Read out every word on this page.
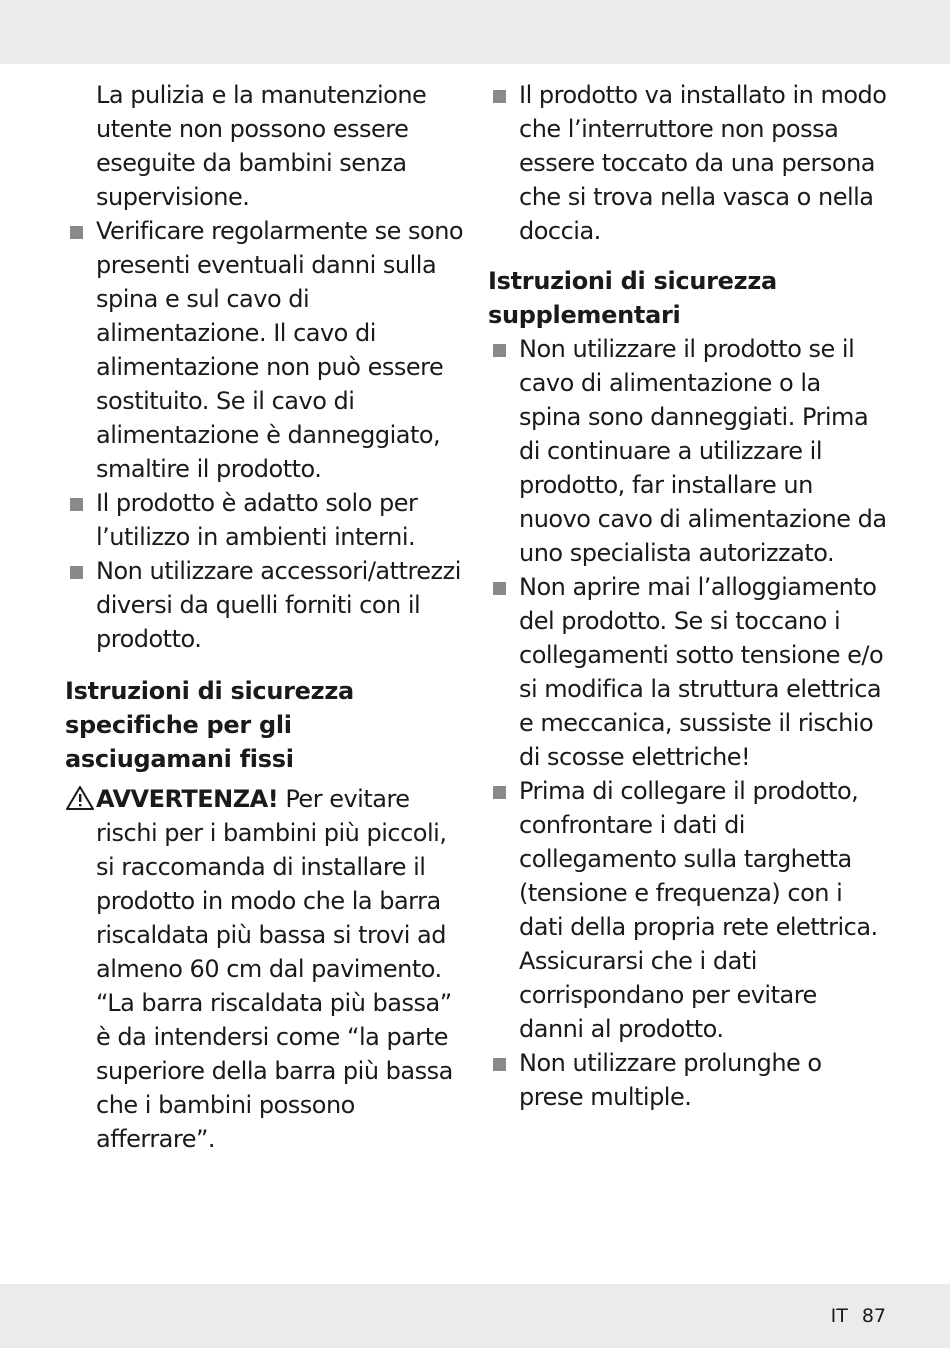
La pulizia e la manutenzione utente non possono essere eseguite da bambini senza supervisione.

Verificare regolarmente se sono presenti eventuali danni sulla spina e sul cavo di alimentazione. Il cavo di alimentazione non può essere sostituito. Se il cavo di alimentazione è danneggiato, smaltire il prodotto.
Il prodotto è adatto solo per l’utilizzo in ambienti interni.
Non utilizzare accessori/attrezzi diversi da quelli forniti con il prodotto.
Istruzioni di sicurezza specifiche per gli asciugamani fissi
AVVERTENZA! Per evitare rischi per i bambini più piccoli, si raccomanda di installare il prodotto in modo che la barra riscaldata più bassa si trovi ad almeno 60 cm dal pavimento. “La barra riscaldata più bassa” è da intendersi come “la parte superiore della barra più bassa che i bambini possono afferrare”.
Il prodotto va installato in modo che l’interruttore non possa essere toccato da una persona che si trova nella vasca o nella doccia.
Istruzioni di sicurezza supplementari
Non utilizzare il prodotto se il cavo di alimentazione o la spina sono danneggiati. Prima di continuare a utilizzare il prodotto, far installare un nuovo cavo di alimentazione da uno specialista autorizzato.
Non aprire mai l’alloggiamento del prodotto. Se si toccano i collegamenti sotto tensione e/o si modifica la struttura elettrica e meccanica, sussiste il rischio di scosse elettriche!
Prima di collegare il prodotto, confrontare i dati di collegamento sulla targhetta (tensione e frequenza) con i dati della propria rete elettrica. Assicurarsi che i dati corrispondano per evitare danni al prodotto.
Non utilizzare prolunghe o prese multiple.
IT 87
